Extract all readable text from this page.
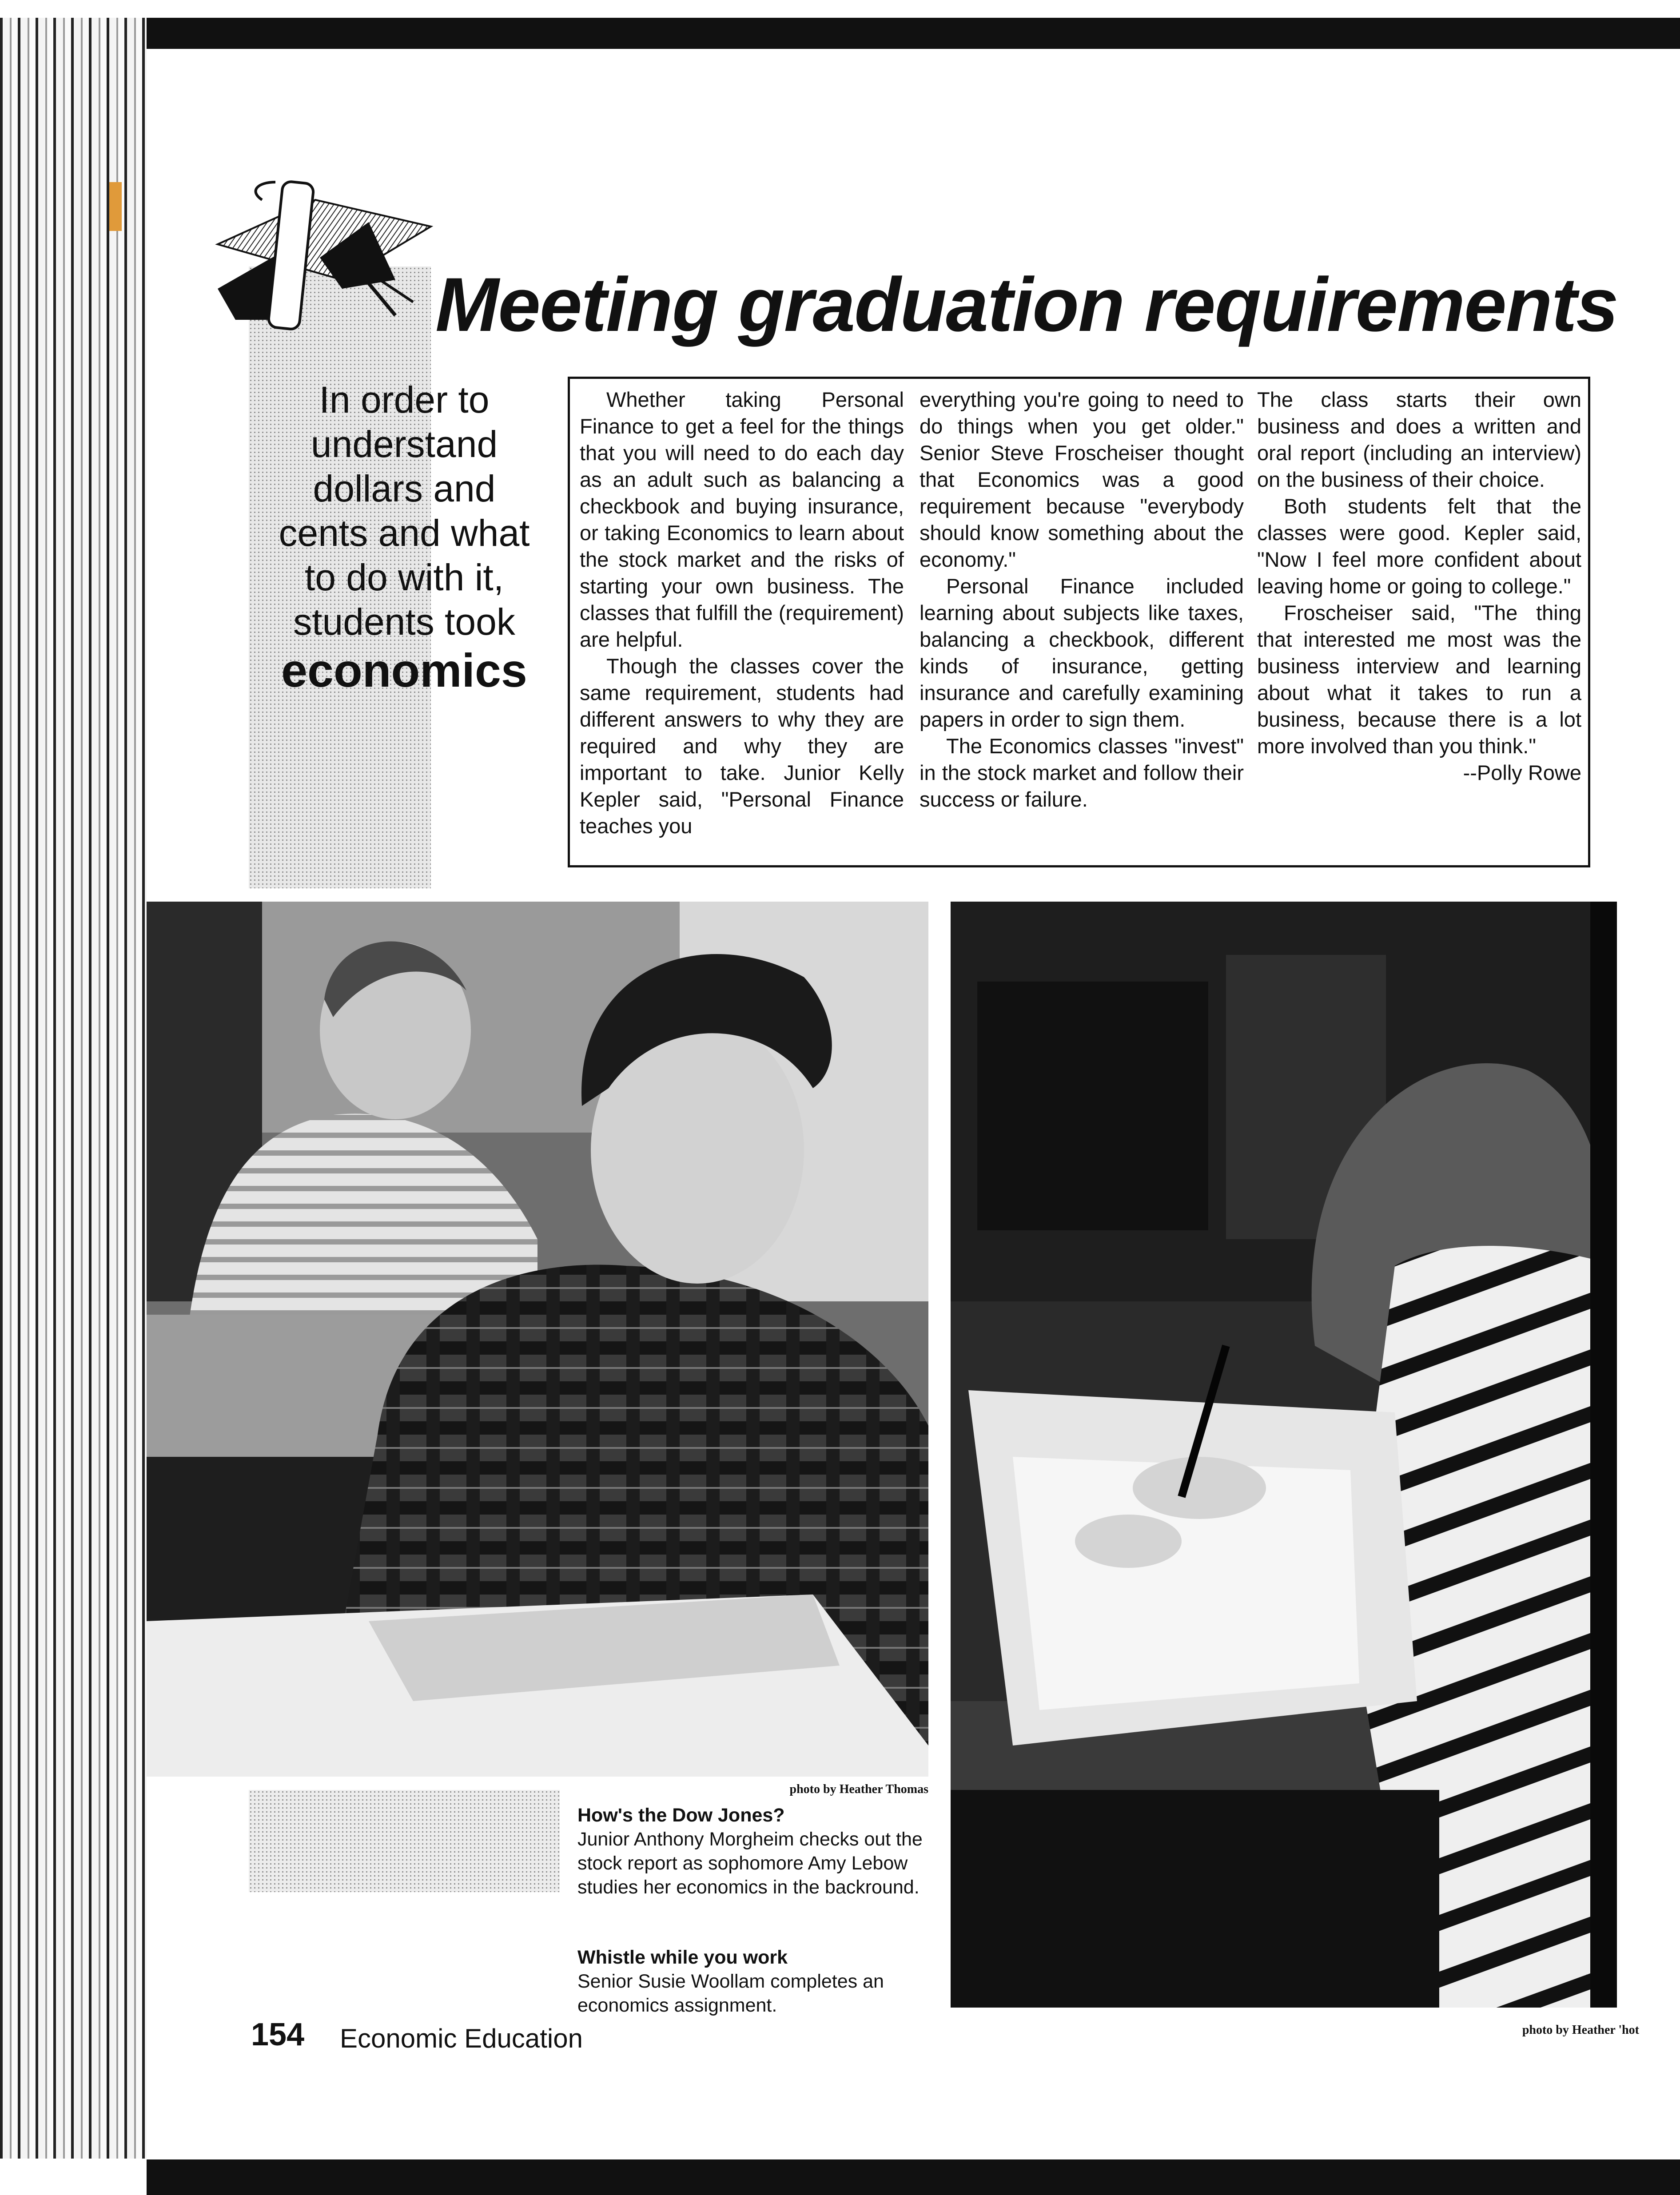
Meeting graduation requirements
In order to
understand
dollars and
cents and what
to do with it,
students took
economics

Whether taking Personal Finance to get a feel for the things that you will need to do each day as an adult such as balancing a checkbook and buying insurance, or taking Economics to learn about the stock market and the risks of starting your own business. The classes that fulfill the (requirement) are helpful.

Though the classes cover the same requirement, students had different answers to why they are required and why they are important to take. Junior Kelly Kepler said, "Personal Finance teaches you

everything you're going to need to do things when you get older." Senior Steve Froscheiser thought that Economics was a good requirement because "everybody should know something about the economy."

Personal Finance included learning about subjects like taxes, balancing a checkbook, different kinds of insurance, getting insurance and carefully examining papers in order to sign them.

The Economics classes "invest" in the stock market and follow their success or failure.

The class starts their own business and does a written and oral report (including an interview) on the business of their choice.

Both students felt that the classes were good. Kepler said, "Now I feel more confident about leaving home or going to college."

Froscheiser said, "The thing that interested me most was the business interview and learning about what it takes to run a business, because there is a lot more involved than you think."

--Polly Rowe
photo by Heather Thomas
photo by Heather 'hot
How's the Dow Jones?
Junior Anthony Morgheim checks out the stock report as sophomore Amy Lebow studies her economics in the backround.
Whistle while you work
Senior Susie Woollam completes an economics assignment.
154 Economic Education
